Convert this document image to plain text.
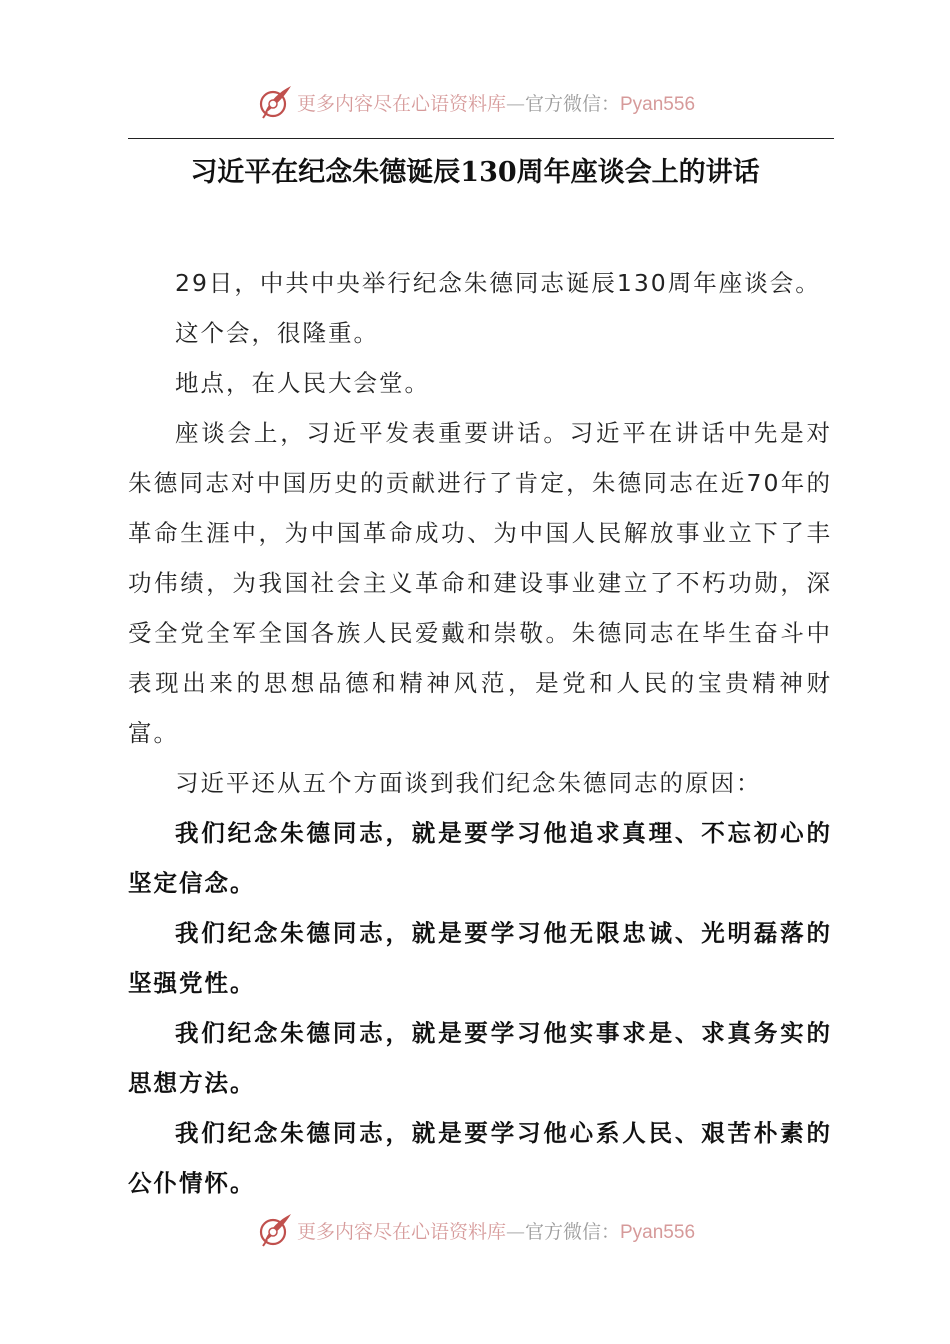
更多内容尽在心语资料库—官方微信：Pyan556
习近平在纪念朱德诞辰130周年座谈会上的讲话

29日，中共中央举行纪念朱德同志诞辰130周年座谈会。

这个会，很隆重。

地点，在人民大会堂。

座谈会上，习近平发表重要讲话。习近平在讲话中先是对朱德同志对中国历史的贡献进行了肯定，朱德同志在近70年的革命生涯中，为中国革命成功、为中国人民解放事业立下了丰功伟绩，为我国社会主义革命和建设事业建立了不朽功勋，深受全党全军全国各族人民爱戴和崇敬。朱德同志在毕生奋斗中表现出来的思想品德和精神风范，是党和人民的宝贵精神财富。

习近平还从五个方面谈到我们纪念朱德同志的原因：

我们纪念朱德同志，就是要学习他追求真理、不忘初心的坚定信念。

我们纪念朱德同志，就是要学习他无限忠诚、光明磊落的坚强党性。

我们纪念朱德同志，就是要学习他实事求是、求真务实的思想方法。

我们纪念朱德同志，就是要学习他心系人民、艰苦朴素的公仆情怀。

更多内容尽在心语资料库—官方微信：Pyan556
